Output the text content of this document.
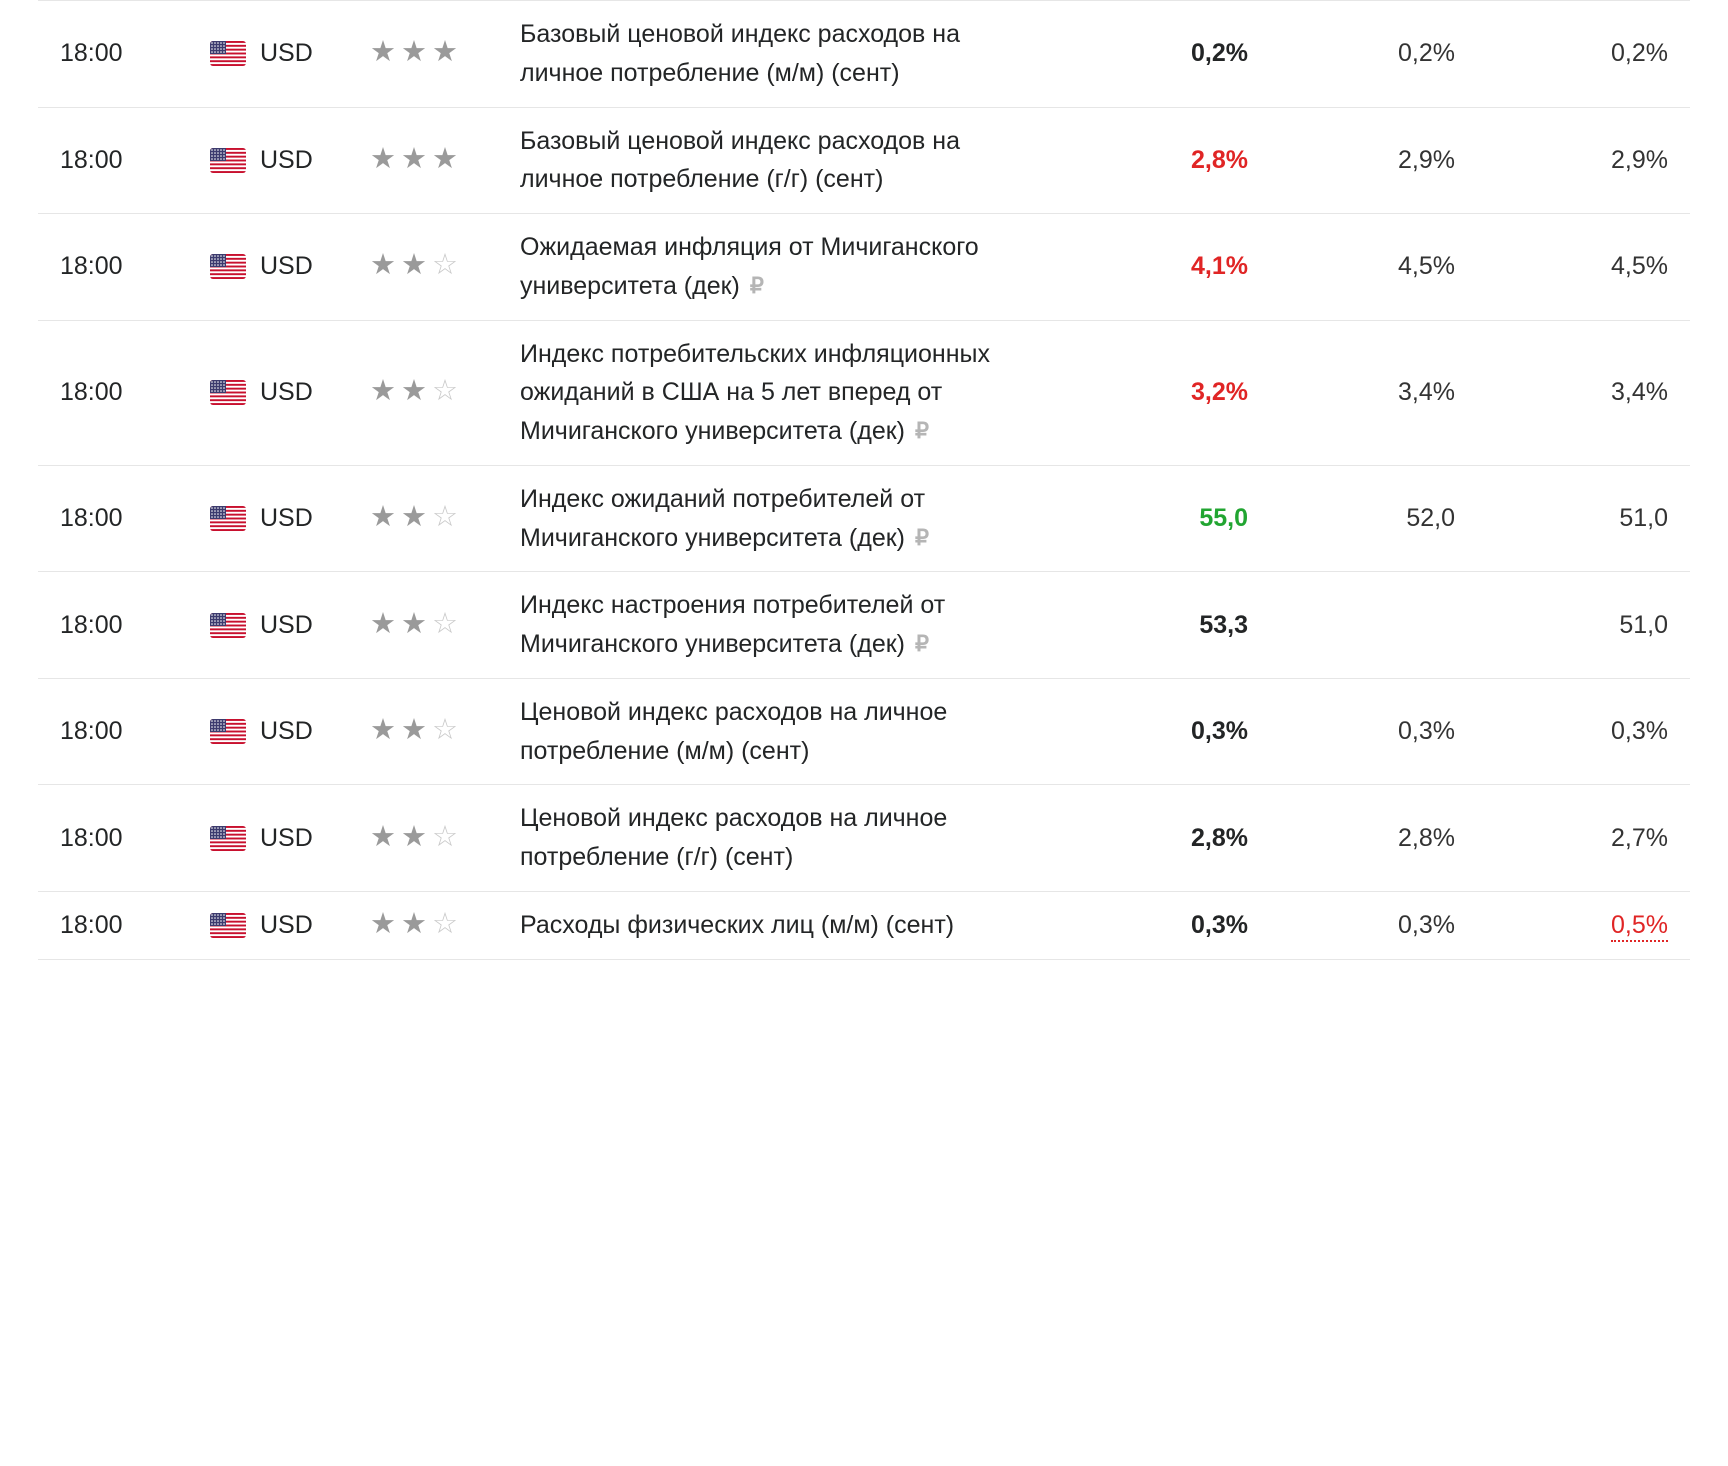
18:00	USD	★★★	Базовый ценовой индекс расходов на личное потребление (м/м) (сент)	0,2%	0,2%	0,2%
18:00	USD	★★★	Базовый ценовой индекс расходов на личное потребление (г/г) (сент)	2,8%	2,9%	2,9%
18:00	USD	★★☆	Ожидаемая инфляция от Мичиганского университета (дек) ₽	4,1%	4,5%	4,5%
18:00	USD	★★☆	Индекс потребительских инфляционных ожиданий в США на 5 лет вперед от Мичиганского университета (дек) ₽	3,2%	3,4%	3,4%
18:00	USD	★★☆	Индекс ожиданий потребителей от Мичиганского университета (дек) ₽	55,0	52,0	51,0
18:00	USD	★★☆	Индекс настроения потребителей от Мичиганского университета (дек) ₽	53,3		51,0
18:00	USD	★★☆	Ценовой индекс расходов на личное потребление (м/м) (сент)	0,3%	0,3%	0,3%
18:00	USD	★★☆	Ценовой индекс расходов на личное потребление (г/г) (сент)	2,8%	2,8%	2,7%
18:00	USD	★★☆	Расходы физических лиц (м/м) (сент)	0,3%	0,3%	0,5%
